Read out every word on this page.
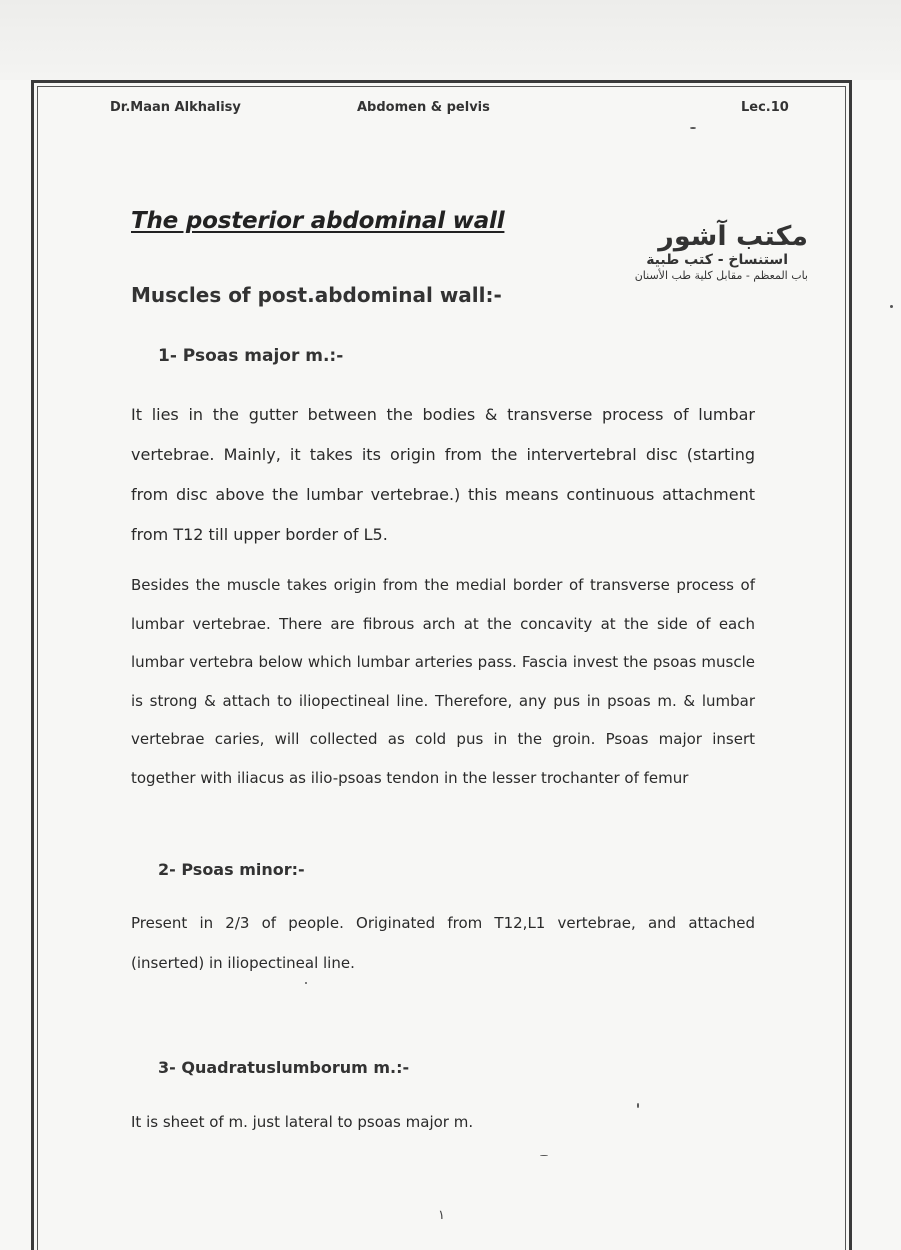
Dr.Maan Alkhalisy	Abdomen & pelvis	Lec.10
The posterior abdominal wall	مكتب آشور
استنساخ - كتب طبية
باب المعظم - مقابل كلية طب الأسنان
Muscles of post.abdominal wall:-
1- Psoas major m.:-
It lies in the gutter between the bodies & transverse process of lumbar vertebrae. Mainly, it takes its origin from the intervertebral disc (starting from disc above the lumbar vertebrae.) this means continuous attachment from T12 till upper border of L5.
Besides the muscle takes origin from the medial border of transverse process of lumbar vertebrae. There are fibrous arch at the concavity at the side of each lumbar vertebra below which lumbar arteries pass. Fascia invest the psoas muscle is strong & attach to iliopectineal line. Therefore, any pus in psoas m. & lumbar vertebrae caries, will collected as cold pus in the groin. Psoas major insert together with iliacus as ilio-psoas tendon in the lesser trochanter of femur
2- Psoas minor:-
Present in 2/3 of people. Originated from T12,L1 vertebrae, and attached (inserted) in iliopectineal line.
3- Quadratuslumborum m.:-
It is sheet of m. just lateral to psoas major m.
١
